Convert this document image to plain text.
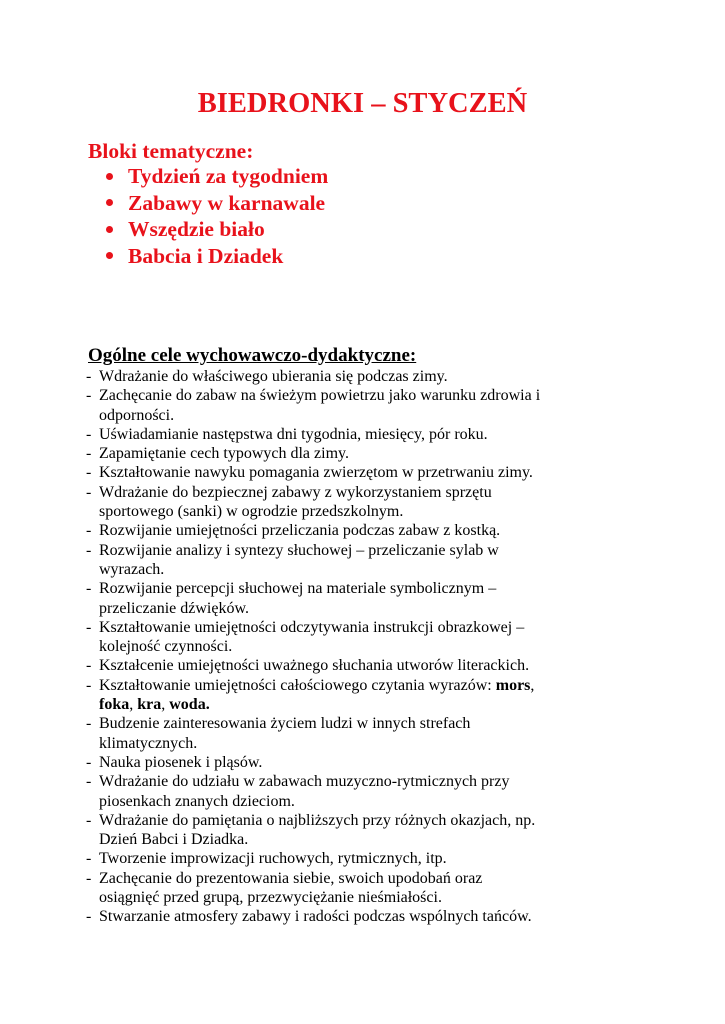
BIEDRONKI – STYCZEŃ
Bloki tematyczne:
Tydzień za tygodniem
Zabawy w karnawale
Wszędzie biało
Babcia i Dziadek
Ogólne cele wychowawczo-dydaktyczne:
- Wdrażanie do właściwego ubierania się podczas zimy.
- Zachęcanie do zabaw na świeżym powietrzu jako warunku zdrowia i
odporności.
- Uświadamianie następstwa dni tygodnia, miesięcy, pór roku.
- Zapamiętanie cech typowych dla zimy.
- Kształtowanie nawyku pomagania zwierzętom w przetrwaniu zimy.
- Wdrażanie do bezpiecznej zabawy z wykorzystaniem sprzętu
sportowego (sanki) w ogrodzie przedszkolnym.
- Rozwijanie umiejętności przeliczania podczas zabaw z kostką.
- Rozwijanie analizy i syntezy słuchowej – przeliczanie sylab w
wyrazach.
- Rozwijanie percepcji słuchowej na materiale symbolicznym –
przeliczanie dźwięków.
- Kształtowanie umiejętności odczytywania instrukcji obrazkowej –
kolejność czynności.
- Kształcenie umiejętności uważnego słuchania utworów literackich.
- Kształtowanie umiejętności całościowego czytania wyrazów: mors,
foka, kra, woda.
- Budzenie zainteresowania życiem ludzi w innych strefach
klimatycznych.
- Nauka piosenek i pląsów.
- Wdrażanie do udziału w zabawach muzyczno-rytmicznych przy
piosenkach znanych dzieciom.
- Wdrażanie do pamiętania o najbliższych przy różnych okazjach, np.
Dzień Babci i Dziadka.
- Tworzenie improwizacji ruchowych, rytmicznych, itp.
- Zachęcanie do prezentowania siebie, swoich upodobań oraz
osiągnięć przed grupą, przezwyciężanie nieśmiałości.
- Stwarzanie atmosfery zabawy i radości podczas wspólnych tańców.
